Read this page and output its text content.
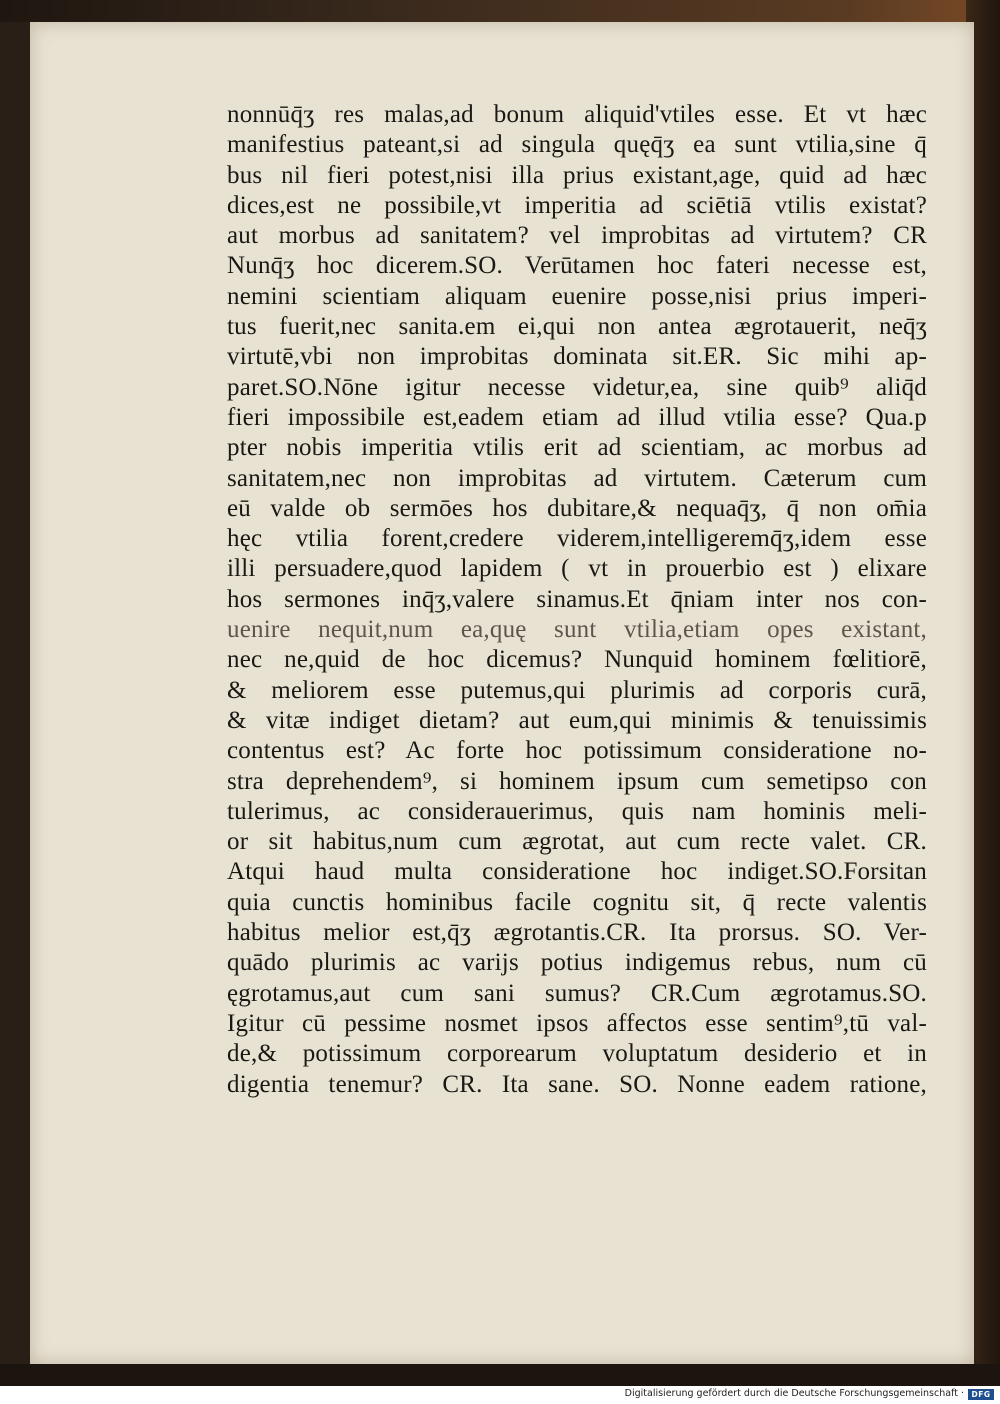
nonnūq̄ʒ res malas,ad bonum aliquid'vtiles esse. Et vt hæc
manifestius pateant,si ad singula quęq̄ʒ ea sunt vtilia,sine q̄
bus nil fieri potest,nisi illa prius existant,age, quid ad hæc
dices,est ne possibile,vt imperitia ad sciētiā vtilis existat?
aut morbus ad sanitatem? vel improbitas ad virtutem? CR
Nunq̄ʒ hoc dicerem.SO. Verūtamen hoc fateri necesse est,
nemini scientiam aliquam euenire posse,nisi prius imperi-
tus fuerit,nec sanita.em ei,qui non antea ægrotauerit, neq̄ʒ
virtutē,vbi non improbitas dominata sit.ER. Sic mihi ap-
paret.SO.Nōne igitur necesse videtur,ea, sine quib⁹ aliq̄d
fieri impossibile est,eadem etiam ad illud vtilia esse? Qua.p
pter nobis imperitia vtilis erit ad scientiam, ac morbus ad
sanitatem,nec non improbitas ad virtutem. Cæterum cum
eū valde ob sermōes hos dubitare,& nequaq̄ʒ, q̄ non om̄ia
hęc vtilia forent,credere viderem,intelligeremq̄ʒ,idem esse
illi persuadere,quod lapidem ( vt in prouerbio est ) elixare
hos sermones inq̄ʒ,valere sinamus.Et q̄niam inter nos con-
uenire nequit,num ea,quę sunt vtilia,etiam opes existant,
nec ne,quid de hoc dicemus? Nunquid hominem fœlitiorē,
& meliorem esse putemus,qui plurimis ad corporis curā,
& vitæ indiget dietam? aut eum,qui minimis & tenuissimis
contentus est? Ac forte hoc potissimum consideratione no-
stra deprehendem⁹, si hominem ipsum cum semetipso con
tulerimus, ac considerauerimus, quis nam hominis meli-
or sit habitus,num cum ægrotat, aut cum recte valet. CR.
Atqui haud multa consideratione hoc indiget.SO.Forsitan
quia cunctis hominibus facile cognitu sit, q̄ recte valentis
habitus melior est,q̄ʒ ægrotantis.CR. Ita prorsus. SO. Ver-
quādo plurimis ac varijs potius indigemus rebus, num cū
ęgrotamus,aut cum sani sumus? CR.Cum ægrotamus.SO.
Igitur cū pessime nosmet ipsos affectos esse sentim⁹,tū val-
de,& potissimum corporearum voluptatum desiderio et in
digentia tenemur? CR. Ita sane. SO. Nonne eadem ratione,
Digitalisierung gefördert durch die Deutsche Forschungsgemeinschaft · DFG
